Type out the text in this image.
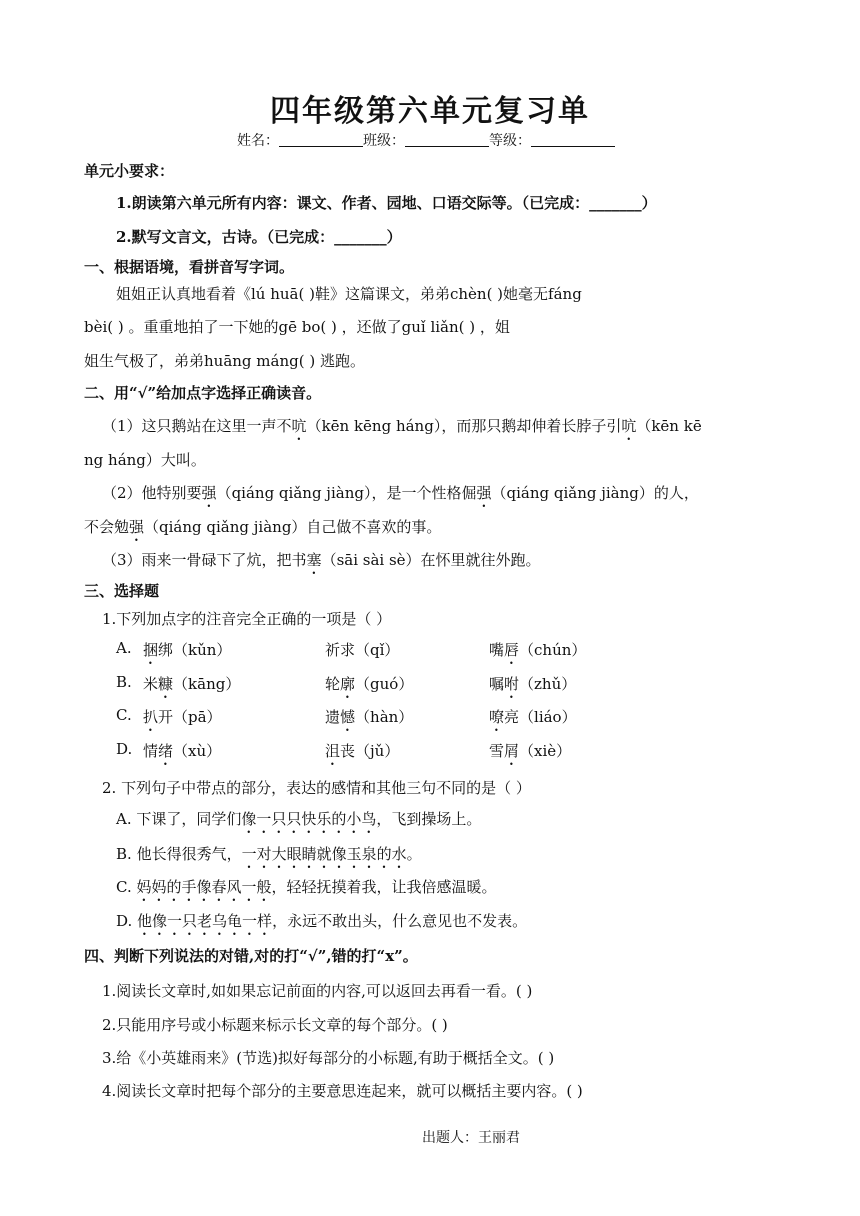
四年级第六单元复习单
姓名：	班级：	等级：
单元小要求：
1.朗读第六单元所有内容：课文、作者、园地、口语交际等。（已完成：_______）
2.默写文言文，古诗。（已完成：_______）
一、根据语境，看拼音写字词。
姐姐正认真地看着《lú huā( )鞋》这篇课文，弟弟chèn( )她毫无fáng
bèi( ) 。重重地拍了一下她的gē bo( ) ，还做了guǐ liǎn( ) ，姐
姐生气极了，弟弟huāng máng( ) 逃跑。
二、用“√”给加点字选择正确读音。
（1）这只鹅站在这里一声不吭（kēn kēng háng），而那只鹅却伸着长脖子引吭（kēn kē
ng háng）大叫。
（2）他特别要强（qiáng qiǎng jiàng），是一个性格倔强（qiáng qiǎng jiàng）的人，
不会勉强（qiáng qiǎng jiàng）自己做不喜欢的事。
（3）雨来一骨碌下了炕，把书塞（sāi sài sè）在怀里就往外跑。
三、选择题
1.下列加点字的注音完全正确的一项是（ ）
A. 捆绑（kǔn）	祈求（qǐ）	嘴唇（chún）
B. 米糠（kāng）	轮廓（guó）	嘱咐（zhǔ）
C. 扒开（pā）	遗憾（hàn）	嘹亮（liáo）
D. 情绪（xù）	沮丧（jǔ）	雪屑（xiè）
2. 下列句子中带点的部分，表达的感情和其他三句不同的是（ ）
A. 下课了，同学们像一只只快乐的小鸟，飞到操场上。
B. 他长得很秀气，一对大眼睛就像玉泉的水。
C. 妈妈的手像春风一般，轻轻抚摸着我，让我倍感温暖。
D. 他像一只老乌龟一样，永远不敢出头，什么意见也不发表。
四、判断下列说法的对错,对的打“√”,错的打“x”。
1.阅读长文章时,如如果忘记前面的内容,可以返回去再看一看。( )
2.只能用序号或小标题来标示长文章的每个部分。( )
3.给《小英雄雨来》(节选)拟好每部分的小标题,有助于概括全文。( )
4.阅读长文章时把每个部分的主要意思连起来，就可以概括主要内容。( )
出题人：王丽君
